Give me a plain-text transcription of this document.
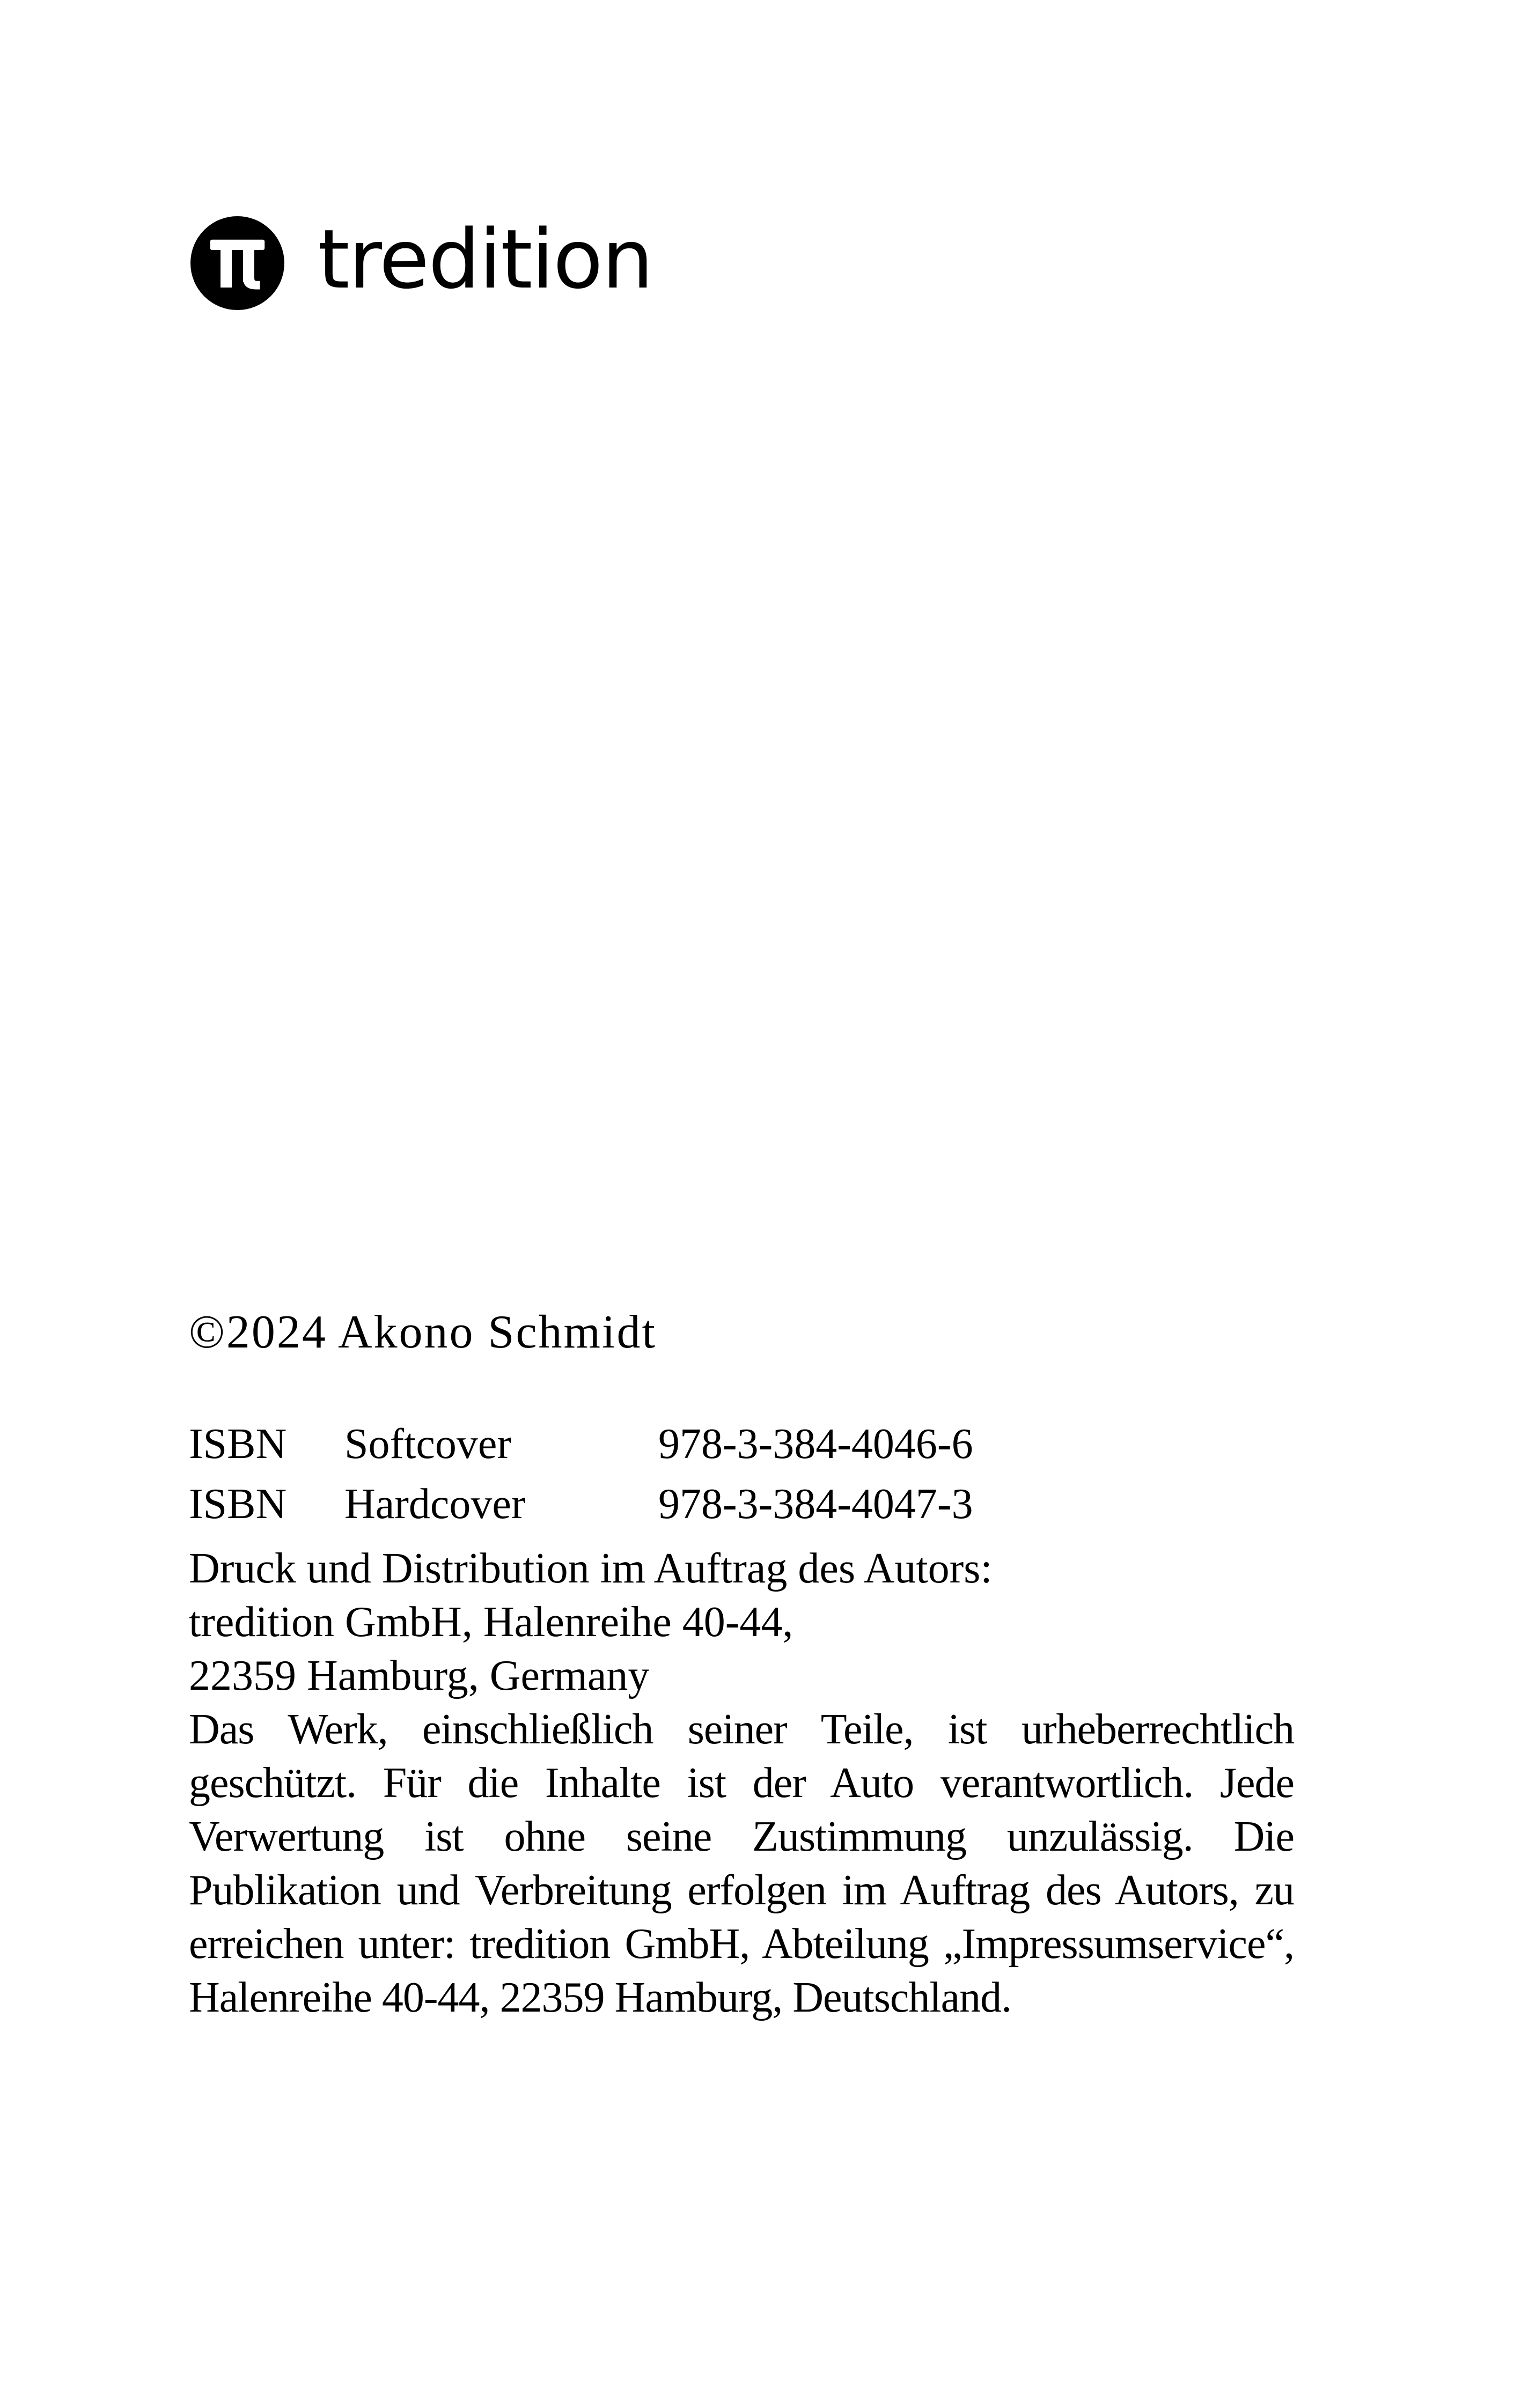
tredition
©2024 Akono Schmidt
ISBN	Softcover	978-3-384-4046-6
ISBN	Hardcover	978-3-384-4047-3
Druck und Distribution im Auftrag des Autors:
tredition GmbH, Halenreihe 40-44,
22359 Hamburg, Germany
Das Werk, einschließlich seiner Teile, ist urheberrechtlich geschützt. Für die Inhalte ist der Auto verantwortlich. Jede Verwertung ist ohne seine Zustimmung unzulässig. Die Publikation und Verbreitung erfolgen im Auftrag des Autors, zu erreichen unter: tredition GmbH, Abteilung „Impressumservice“, Halenreihe 40-44, 22359 Hamburg, Deutschland.
